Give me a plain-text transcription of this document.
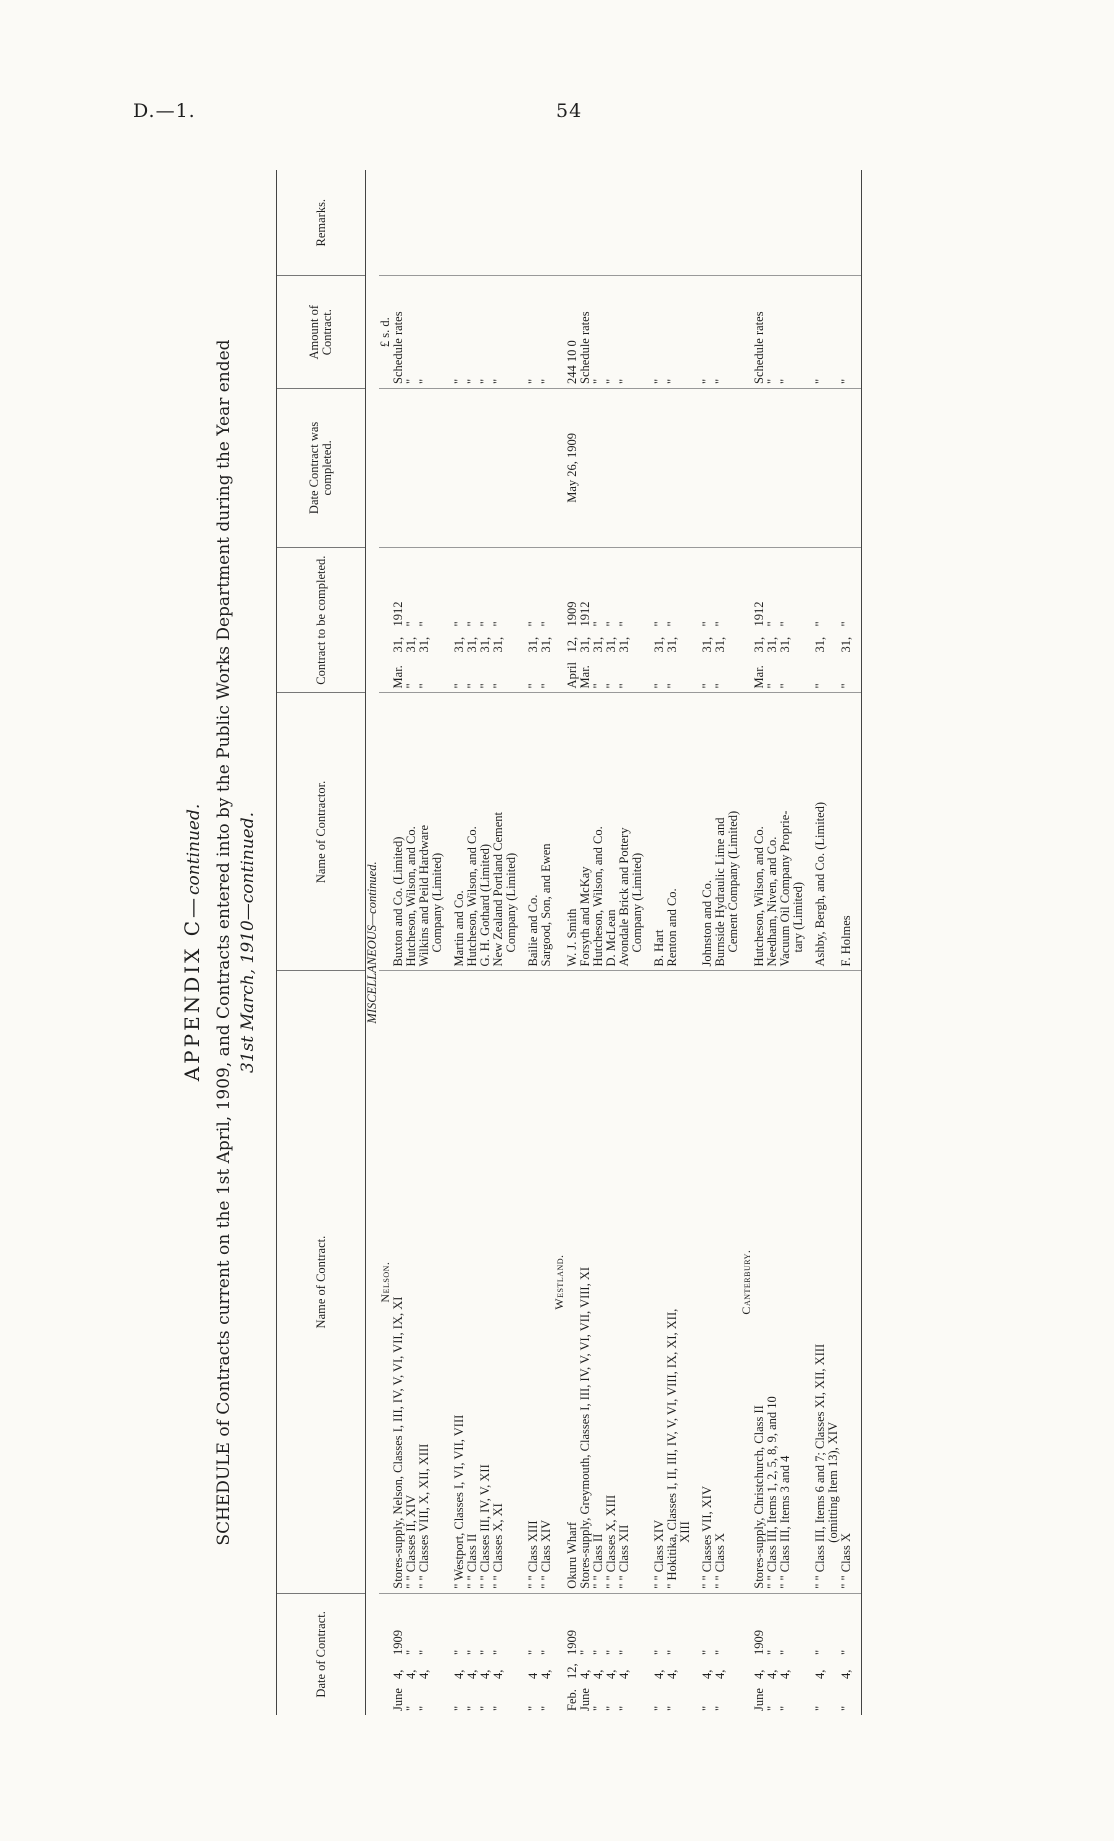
D.—1.	54
APPENDIX C—continued. SCHEDULE of Contracts current on the 1st April, 1909, and Contracts entered into by the Public Works Department during the Year ended 31st March, 1910—continued.
Date of Contract.	Name of Contract.	Name of Contractor.	Contract to be completed.	Date Contract was completed.	Amount of Contract.	Remarks.
MISCELLANEOUS—continued.						
	Nelson.				£ s. d.	
June4,1909	Stores-supply, Nelson, Classes I, III, IV, V, VI, VII, IX, XI	Buxton and Co. (Limited)	Mar.31,1912		Schedule rates	
"4,"	" " Classes II, XIV	Hutcheson, Wilson, and Co.	"31,"		"	
"4,"	" " Classes VIII, X, XII, XIII	Wilkins and Peild Hardware Company (Limited)	"31,"		"	

"4,"	" Westport, Classes I, VI, VII, VIII	Martin and Co.	"31,"		"	
"4,"	" " Class II	Hutcheson, Wilson, and Co.	"31,"		"	
"4,"	" " Classes III, IV, V, XII	G. H. Gothard (Limited)	"31,"		"	
"4,"	" " Classes X, XI	New Zealand Portland Cement Company (Limited)	"31,"		"	

"4"	" " Class XIII	Bailie and Co.	"31,"		"	
"4,"	" " Class XIV	Sargood, Son, and Ewen	"31,"		"	
	Westland.					
Feb.12,1909	Okuru Wharf	W. J. Smith	April12,1909	May 26, 1909	244 10 0	
June4,"	Stores-supply, Greymouth, Classes I, III, IV, V, VI, VII, VIII, XI	Forsyth and McKay	Mar.31,1912		Schedule rates	
"4,"	" " Class II	Hutcheson, Wilson, and Co.	"31,"		"	
"4,"	" " Classes X, XIII	D. McLean	"31,"		"	
"4,"	" " Class XII	Avondale Brick and Pottery Company (Limited)	"31,"		"	

"4,"	" " Class XIV	B. Hart	"31,"		"	
"4,"	" Hokitika, Classes I, II, III, IV, V, VI, VIII, IX, XI, XII, XIII	Renton and Co.	"31,"		"	

"4,"	" " Classes VII, XIV	Johnston and Co.	"31,"		"	
"4,"	" " Class X	Burnside Hydraulic Lime and Cement Company (Limited)	"31,"		"	
	Canterbury.					
June4,1909	Stores-supply, Christchurch, Class II	Hutcheson, Wilson, and Co.	Mar.31,1912		Schedule rates	
"4,"	" " Class III, Items 1, 2, 5, 8, 9, and 10	Needham, Niven, and Co.	"31,"		"	
"4,"	" " Class III, Items 3 and 4	Vacuum Oil Company Proprie- tary (Limited)	"31,"		"	

"4,"	" " Class III, Items 6 and 7; Classes XI, XII, XIII (omitting Item 13), XIV	Ashby, Bergh, and Co. (Limited)	"31,"		"	
"4,"	" " Class X	F. Holmes	"31,"		"	
